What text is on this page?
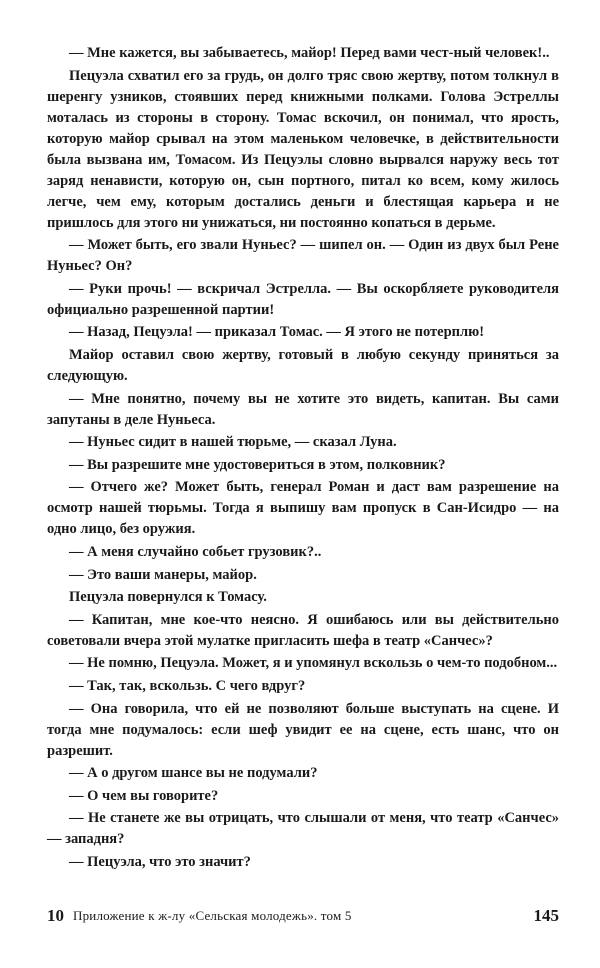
— Мне кажется, вы забываетесь, майор! Перед вами чест-ный человек!..

Пецуэла схватил его за грудь, он долго тряс свою жертву, потом толкнул в шеренгу узников, стоявших перед книжными полками. Голова Эстреллы моталась из стороны в сторону. Томас вскочил, он понимал, что ярость, которую майор срывал на этом маленьком человечке, в действительности была вызвана им, Томасом. Из Пецуэлы словно вырвался наружу весь тот заряд ненависти, которую он, сын портного, питал ко всем, кому жилось легче, чем ему, которым достались деньги и блестящая карьера и не пришлось для этого ни унижаться, ни постоянно копаться в дерьме.

— Может быть, его звали Нуньес? — шипел он. — Один из двух был Рене Нуньес? Он?

— Руки прочь! — вскричал Эстрелла. — Вы оскорбляете руководителя официально разрешенной партии!

— Назад, Пецуэла! — приказал Томас. — Я этого не потерплю!

Майор оставил свою жертву, готовый в любую секунду приняться за следующую.

— Мне понятно, почему вы не хотите это видеть, капитан. Вы сами запутаны в деле Нуньеса.

— Нуньес сидит в нашей тюрьме, — сказал Луна.

— Вы разрешите мне удостовериться в этом, полковник?

— Отчего же? Может быть, генерал Роман и даст вам разрешение на осмотр нашей тюрьмы. Тогда я выпишу вам пропуск в Сан-Исидро — на одно лицо, без оружия.

— А меня случайно собьет грузовик?..

— Это ваши манеры, майор.

Пецуэла повернулся к Томасу.

— Капитан, мне кое-что неясно. Я ошибаюсь или вы действительно советовали вчера этой мулатке пригласить шефа в театр «Санчес»?

— Не помню, Пецуэла. Может, я и упомянул вскользь о чем-то подобном...

— Так, так, вскользь. С чего вдруг?

— Она говорила, что ей не позволяют больше выступать на сцене. И тогда мне подумалось: если шеф увидит ее на сцене, есть шанс, что он разрешит.

— А о другом шансе вы не подумали?

— О чем вы говорите?

— Не станете же вы отрицать, что слышали от меня, что театр «Санчес» — западня?

— Пецуэла, что это значит?

10 Приложение к ж-лу «Сельская молодежь». том 5	145
